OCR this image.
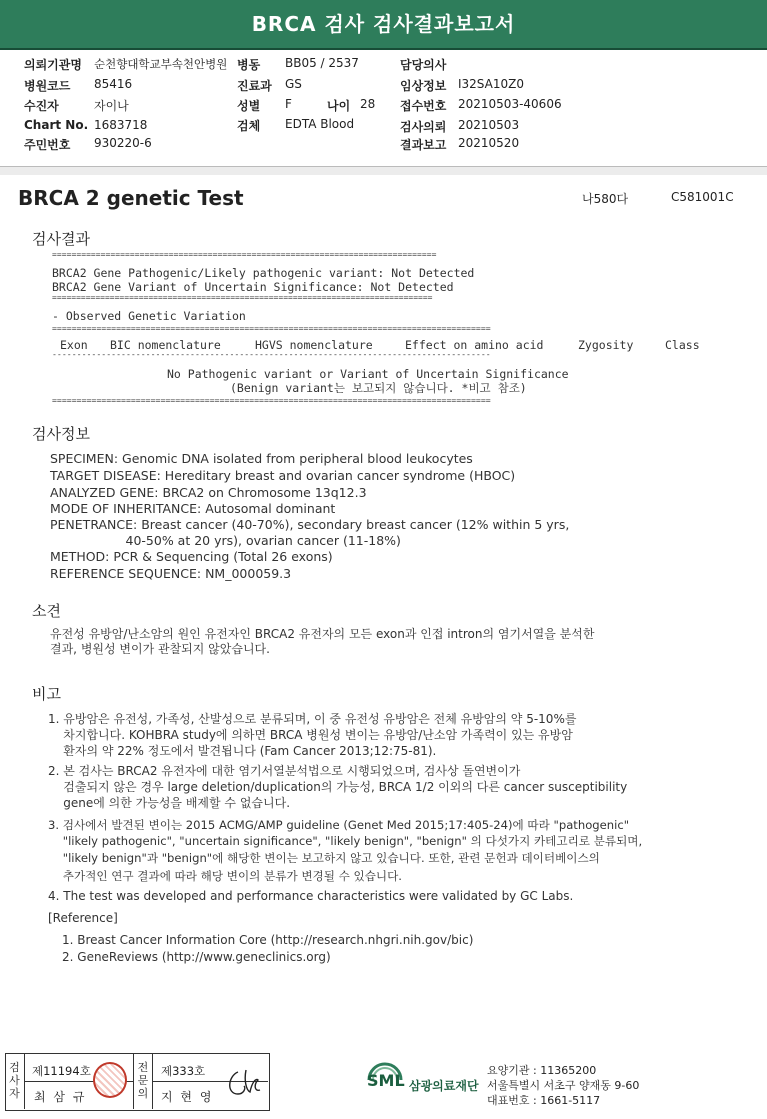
BRCA 검사 검사결과보고서
의뢰기관명 순천향대학교부속천안병원 병동 BB05 / 2537	담당의사
병원코드 85416	진료과 GS	임상정보 I32SA10Z0
수진자	자이나	성별 F	나이 28 접수번호 20210503-40606
Chart No. 1683718	검체 EDTA Blood	검사의뢰 20210503
주민번호 930220-6	결과보고 20210520
BRCA 2 genetic Test	나580다	C581001C
검사결과
===============================================================================
BRCA2 Gene Pathogenic/Likely pathogenic variant: Not Detected
BRCA2 Gene Variant of Uncertain Significance: Not Detected
===============================================================================
- Observed Genetic Variation
=========================================================================================
Exon BIC nomenclature	HGVS nomenclature	Effect on amino acid	Zygosity	Class
-----------------------------------------------------------------------------------------
No Pathogenic variant or Variant of Uncertain Significance
(Benign variant는 보고되지 않습니다. *비고 참조)
=========================================================================================
검사정보
SPECIMEN: Genomic DNA isolated from peripheral blood leukocytes
TARGET DISEASE: Hereditary breast and ovarian cancer syndrome (HBOC)
ANALYZED GENE: BRCA2 on Chromosome 13q12.3
MODE OF INHERITANCE: Autosomal dominant
PENETRANCE: Breast cancer (40-70%), secondary breast cancer (12% within 5 yrs,
40-50% at 20 yrs), ovarian cancer (11-18%)
METHOD: PCR & Sequencing (Total 26 exons)
REFERENCE SEQUENCE: NM_000059.3
소견
유전성 유방암/난소암의 원인 유전자인 BRCA2 유전자의 모든 exon과 인접 intron의 염기서열을 분석한
결과, 병원성 변이가 관찰되지 않았습니다.
비고
1. 유방암은 유전성, 가족성, 산발성으로 분류되며, 이 중 유전성 유방암은 전체 유방암의 약 5-10%를
차지합니다. KOHBRA study에 의하면 BRCA 병원성 변이는 유방암/난소암 가족력이 있는 유방암
환자의 약 22% 정도에서 발견됩니다 (Fam Cancer 2013;12:75-81).
2. 본 검사는 BRCA2 유전자에 대한 염기서열분석법으로 시행되었으며, 검사상 돌연변이가
검출되지 않은 경우 large deletion/duplication의 가능성, BRCA 1/2 이외의 다른 cancer susceptibility
gene에 의한 가능성을 배제할 수 없습니다.
3. 검사에서 발견된 변이는 2015 ACMG/AMP guideline (Genet Med 2015;17:405-24)에 따라 "pathogenic"
"likely pathogenic", "uncertain significance", "likely benign", "benign" 의 다섯가지 카테고리로 분류되며,
"likely benign"과 "benign"에 해당한 변이는 보고하지 않고 있습니다. 또한, 관련 문헌과 데이터베이스의
추가적인 연구 결과에 따라 해당 변이의 분류가 변경될 수 있습니다.
4. The test was developed and performance characteristics were validated by GC Labs.
[Reference]
1. Breast Cancer Information Core (http://research.nhgri.nih.gov/bic)
2. GeneReviews (http://www.geneclinics.org)
검사자
제11194호
최 삼 규
전문의
제333호
지 현 영
SML 삼광의료재단
요양기관 : 11365200
서울특별시 서초구 양재동 9-60
대표번호 : 1661-5117
